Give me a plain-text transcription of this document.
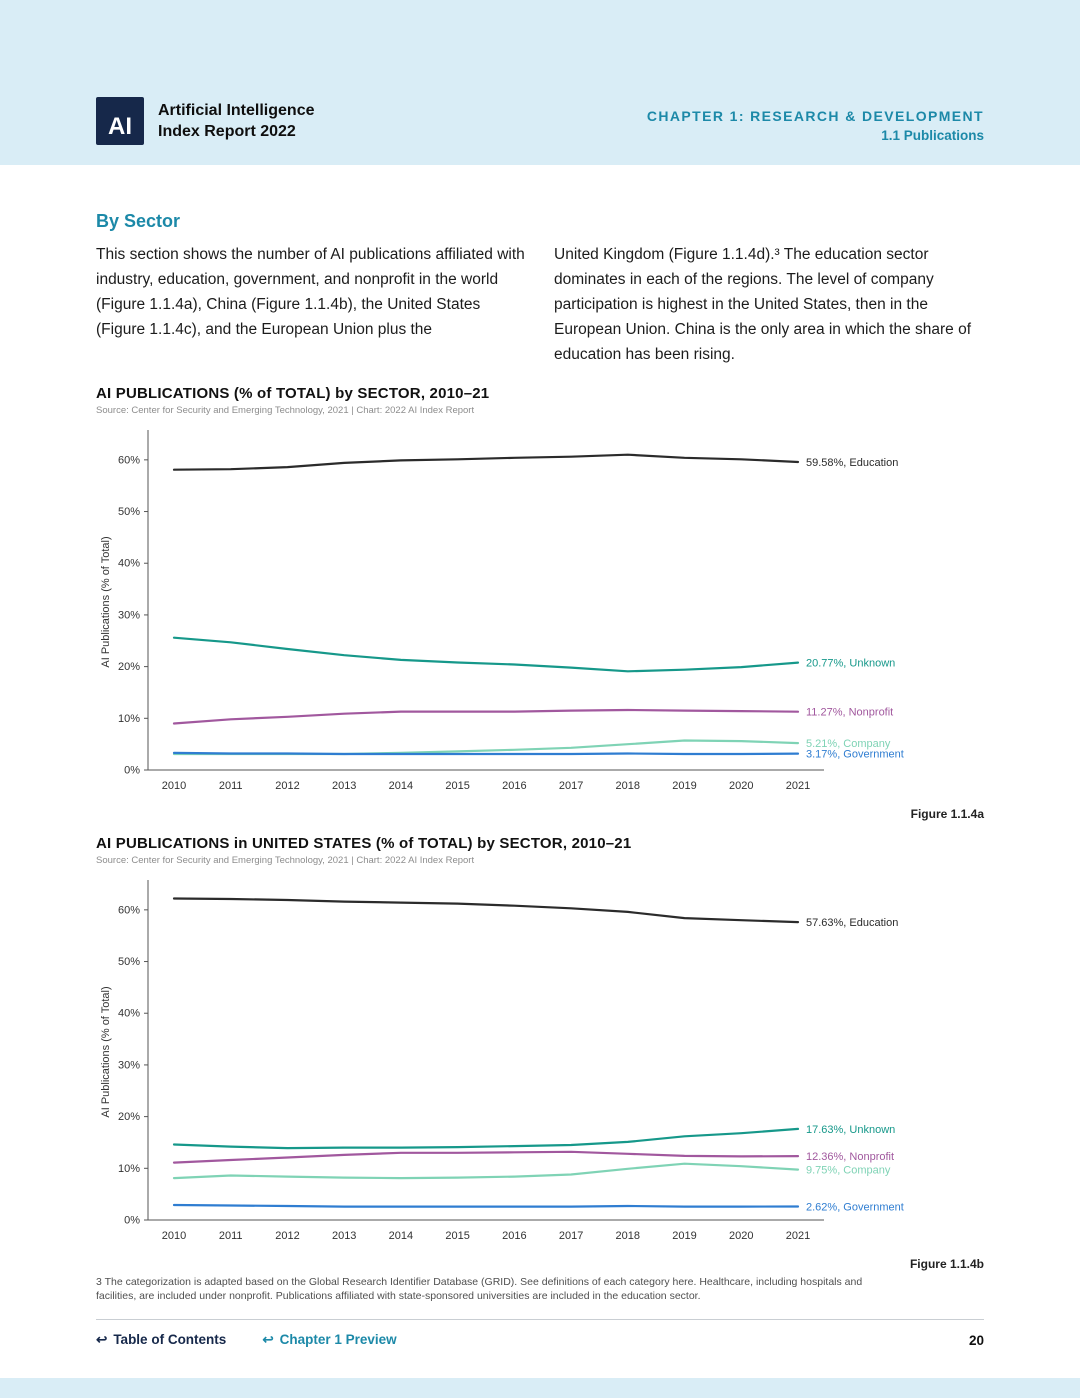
AI
Artificial Intelligence
Index Report 2022
CHAPTER 1: RESEARCH & DEVELOPMENT
1.1 Publications
By Sector

This section shows the number of AI publications affiliated with industry, education, government, and nonprofit in the world (Figure 1.1.4a), China (Figure 1.1.4b), the United States (Figure 1.1.4c), and the European Union plus the

United Kingdom (Figure 1.1.4d).³ The education sector dominates in each of the regions. The level of company participation is highest in the United States, then in the European Union. China is the only area in which the share of education has been rising.

AI PUBLICATIONS (% of TOTAL) by SECTOR, 2010–21
Source: Center for Security and Emerging Technology, 2021 | Chart: 2022 AI Index Report
0%
10%
20%
30%
40%
50%
60%
2010	2011	2012	2013	2014	2015	2016	2017	2018	2019	2020	2021
AI Publications (% of Total)
59.58%, Education
20.77%, Unknown
11.27%, Nonprofit
5.21%, Company
3.17%, Government
Figure 1.1.4a
AI PUBLICATIONS in UNITED STATES (% of TOTAL) by SECTOR, 2010–21
Source: Center for Security and Emerging Technology, 2021 | Chart: 2022 AI Index Report
0%
10%
20%
30%
40%
50%
60%
2010	2011	2012	2013	2014	2015	2016	2017	2018	2019	2020	2021
AI Publications (% of Total)
57.63%, Education
17.63%, Unknown
12.36%, Nonprofit
9.75%, Company
2.62%, Government
Figure 1.1.4b

3 The categorization is adapted based on the Global Research Identifier Database (GRID). See definitions of each category here. Healthcare, including hospitals and facilities, are included under nonprofit. Publications affiliated with state-sponsored universities are included in the education sector.

↩ Table of Contents	↩ Chapter 1 Preview	20
